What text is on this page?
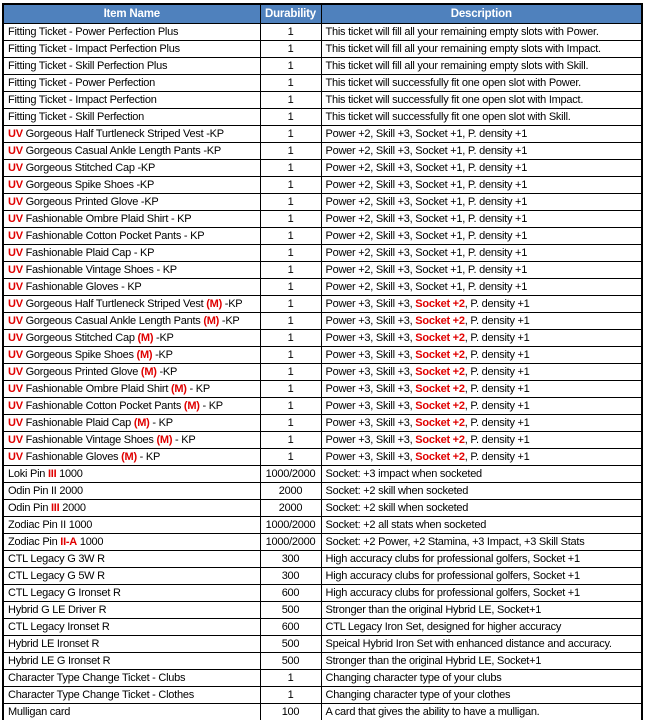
Item Name	Durability	Description
Fitting Ticket - Power Perfection Plus	1	This ticket will fill all your remaining empty slots with Power.
Fitting Ticket - Impact Perfection Plus	1	This ticket will fill all your remaining empty slots with Impact.
Fitting Ticket - Skill Perfection Plus	1	This ticket will fill all your remaining empty slots with Skill.
Fitting Ticket - Power Perfection	1	This ticket will successfully fit one open slot with Power.
Fitting Ticket - Impact Perfection	1	This ticket will successfully fit one open slot with Impact.
Fitting Ticket - Skill Perfection	1	This ticket will successfully fit one open slot with Skill.
UV Gorgeous Half Turtleneck Striped Vest -KP	1	Power +2, Skill +3, Socket +1, P. density +1
UV Gorgeous Casual Ankle Length Pants -KP	1	Power +2, Skill +3, Socket +1, P. density +1
UV Gorgeous Stitched Cap -KP	1	Power +2, Skill +3, Socket +1, P. density +1
UV Gorgeous Spike Shoes -KP	1	Power +2, Skill +3, Socket +1, P. density +1
UV Gorgeous Printed Glove -KP	1	Power +2, Skill +3, Socket +1, P. density +1
UV Fashionable Ombre Plaid Shirt - KP	1	Power +2, Skill +3, Socket +1, P. density +1
UV Fashionable Cotton Pocket Pants - KP	1	Power +2, Skill +3, Socket +1, P. density +1
UV Fashionable Plaid Cap - KP	1	Power +2, Skill +3, Socket +1, P. density +1
UV Fashionable Vintage Shoes - KP	1	Power +2, Skill +3, Socket +1, P. density +1
UV Fashionable Gloves - KP	1	Power +2, Skill +3, Socket +1, P. density +1
UV Gorgeous Half Turtleneck Striped Vest (M) -KP	1	Power +3, Skill +3, Socket +2, P. density +1
UV Gorgeous Casual Ankle Length Pants (M) -KP	1	Power +3, Skill +3, Socket +2, P. density +1
UV Gorgeous Stitched Cap (M) -KP	1	Power +3, Skill +3, Socket +2, P. density +1
UV Gorgeous Spike Shoes (M) -KP	1	Power +3, Skill +3, Socket +2, P. density +1
UV Gorgeous Printed Glove (M) -KP	1	Power +3, Skill +3, Socket +2, P. density +1
UV Fashionable Ombre Plaid Shirt (M) - KP	1	Power +3, Skill +3, Socket +2, P. density +1
UV Fashionable Cotton Pocket Pants (M) - KP	1	Power +3, Skill +3, Socket +2, P. density +1
UV Fashionable Plaid Cap (M) - KP	1	Power +3, Skill +3, Socket +2, P. density +1
UV Fashionable Vintage Shoes (M) - KP	1	Power +3, Skill +3, Socket +2, P. density +1
UV Fashionable Gloves (M) - KP	1	Power +3, Skill +3, Socket +2, P. density +1
Loki Pin III 1000	1000/2000	Socket: +3 impact when socketed
Odin Pin II 2000	2000	Socket: +2 skill when socketed
Odin Pin III 2000	2000	Socket: +2 skill when socketed
Zodiac Pin II 1000	1000/2000	Socket: +2 all stats when socketed
Zodiac Pin II-A 1000	1000/2000	Socket: +2 Power, +2 Stamina, +3 Impact, +3 Skill Stats
CTL Legacy G 3W R	300	High accuracy clubs for professional golfers, Socket +1
CTL Legacy G 5W R	300	High accuracy clubs for professional golfers, Socket +1
CTL Legacy G Ironset R	600	High accuracy clubs for professional golfers, Socket +1
Hybrid G LE Driver R	500	Stronger than the original Hybrid LE, Socket+1
CTL Legacy Ironset R	600	CTL Legacy Iron Set, designed for higher accuracy
Hybrid LE Ironset R	500	Speical Hybrid Iron Set with enhanced distance and accuracy.
Hybrid LE G Ironset R	500	Stronger than the original Hybrid LE, Socket+1
Character Type Change Ticket - Clubs	1	Changing character type of your clubs
Character Type Change Ticket - Clothes	1	Changing character type of your clothes
Mulligan card	100	A card that gives the ability to have a mulligan.
